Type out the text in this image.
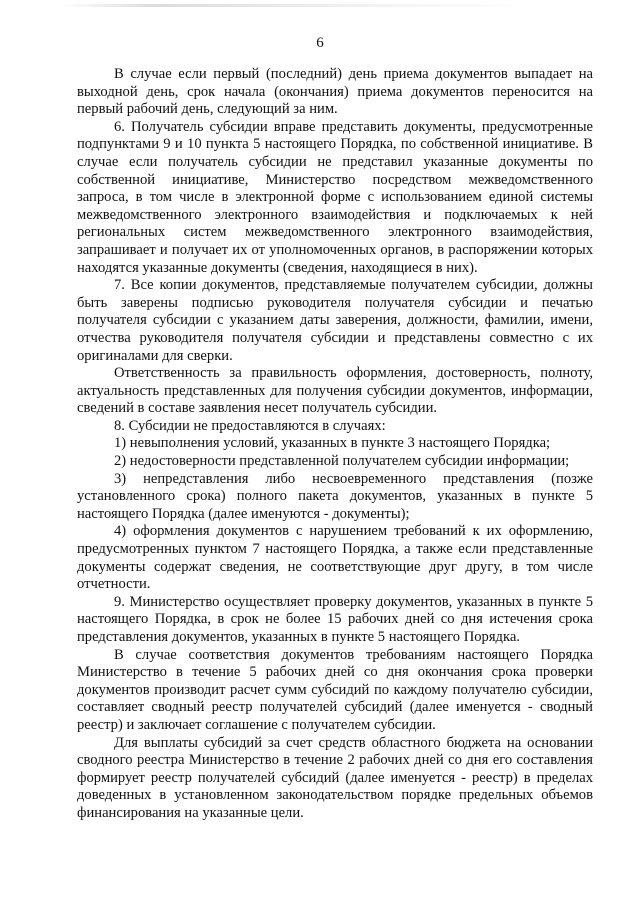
6

В случае если первый (последний) день приема документов выпадает на выходной день, срок начала (окончания) приема документов переносится на первый рабочий день, следующий за ним.

6. Получатель субсидии вправе представить документы, предусмотренные подпунктами 9 и 10 пункта 5 настоящего Порядка, по собственной инициативе. В случае если получатель субсидии не представил указанные документы по собственной инициативе, Министерство посредством межведомственного запроса, в том числе в электронной форме с использованием единой системы межведомственного электронного взаимодействия и подключаемых к ней региональных систем межведомственного электронного взаимодействия, запрашивает и получает их от уполномоченных органов, в распоряжении которых находятся указанные документы (сведения, находящиеся в них).

7. Все копии документов, представляемые получателем субсидии, должны быть заверены подписью руководителя получателя субсидии и печатью получателя субсидии с указанием даты заверения, должности, фамилии, имени, отчества руководителя получателя субсидии и представлены совместно с их оригиналами для сверки.

Ответственность за правильность оформления, достоверность, полноту, актуальность представленных для получения субсидии документов, информации, сведений в составе заявления несет получатель субсидии.

8. Субсидии не предоставляются в случаях:

1) невыполнения условий, указанных в пункте 3 настоящего Порядка;

2) недостоверности представленной получателем субсидии информации;

3) непредставления либо несвоевременного представления (позже установленного срока) полного пакета документов, указанных в пункте 5 настоящего Порядка (далее именуются - документы);

4) оформления документов с нарушением требований к их оформлению, предусмотренных пунктом 7 настоящего Порядка, а также если представленные документы содержат сведения, не соответствующие друг другу, в том числе отчетности.

9. Министерство осуществляет проверку документов, указанных в пункте 5 настоящего Порядка, в срок не более 15 рабочих дней со дня истечения срока представления документов, указанных в пункте 5 настоящего Порядка.

В случае соответствия документов требованиям настоящего Порядка Министерство в течение 5 рабочих дней со дня окончания срока проверки документов производит расчет сумм субсидий по каждому получателю субсидии, составляет сводный реестр получателей субсидий (далее именуется - сводный реестр) и заключает соглашение с получателем субсидии.

Для выплаты субсидий за счет средств областного бюджета на основании сводного реестра Министерство в течение 2 рабочих дней со дня его составления формирует реестр получателей субсидий (далее именуется - реестр) в пределах доведенных в установленном законодательством порядке предельных объемов финансирования на указанные цели.
